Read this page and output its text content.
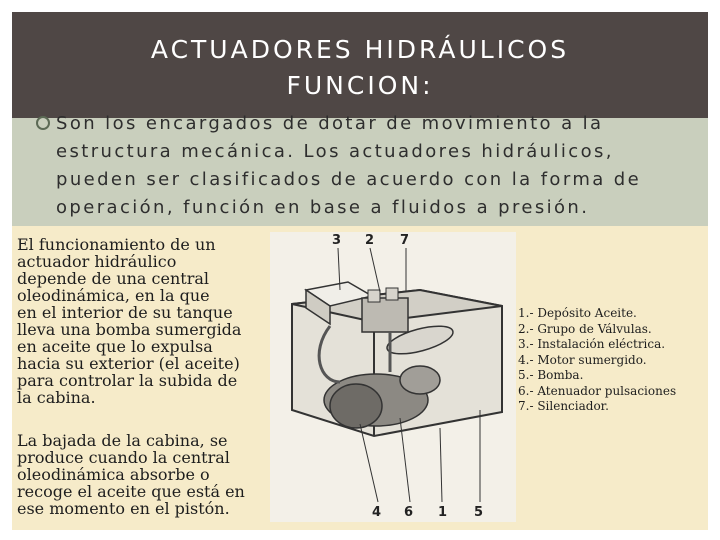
ACTUADORES HIDRÁULICOS
FUNCION:
Son los encargados de dotar de movimiento a la
estructura mecánica. Los actuadores hidráulicos,
pueden ser clasificados de acuerdo con la forma de
operación, función en base a fluidos a presión.
El funcionamiento de un
actuador hidráulico
depende de una central
oleodinámica, en la que
en el interior de su tanque
lleva una bomba sumergida
en aceite que lo expulsa
hacia su exterior (el aceite)
para controlar la subida de
la cabina.
La bajada de la cabina, se
produce cuando la central
oleodinámica absorbe o
recoge el aceite que está en
ese momento en el pistón.
3 2 7
4 6 1 5
1.- Depósito Aceite.
2.- Grupo de Válvulas.
3.- Instalación eléctrica.
4.- Motor sumergido.
5.- Bomba.
6.- Atenuador pulsaciones
7.- Silenciador.
